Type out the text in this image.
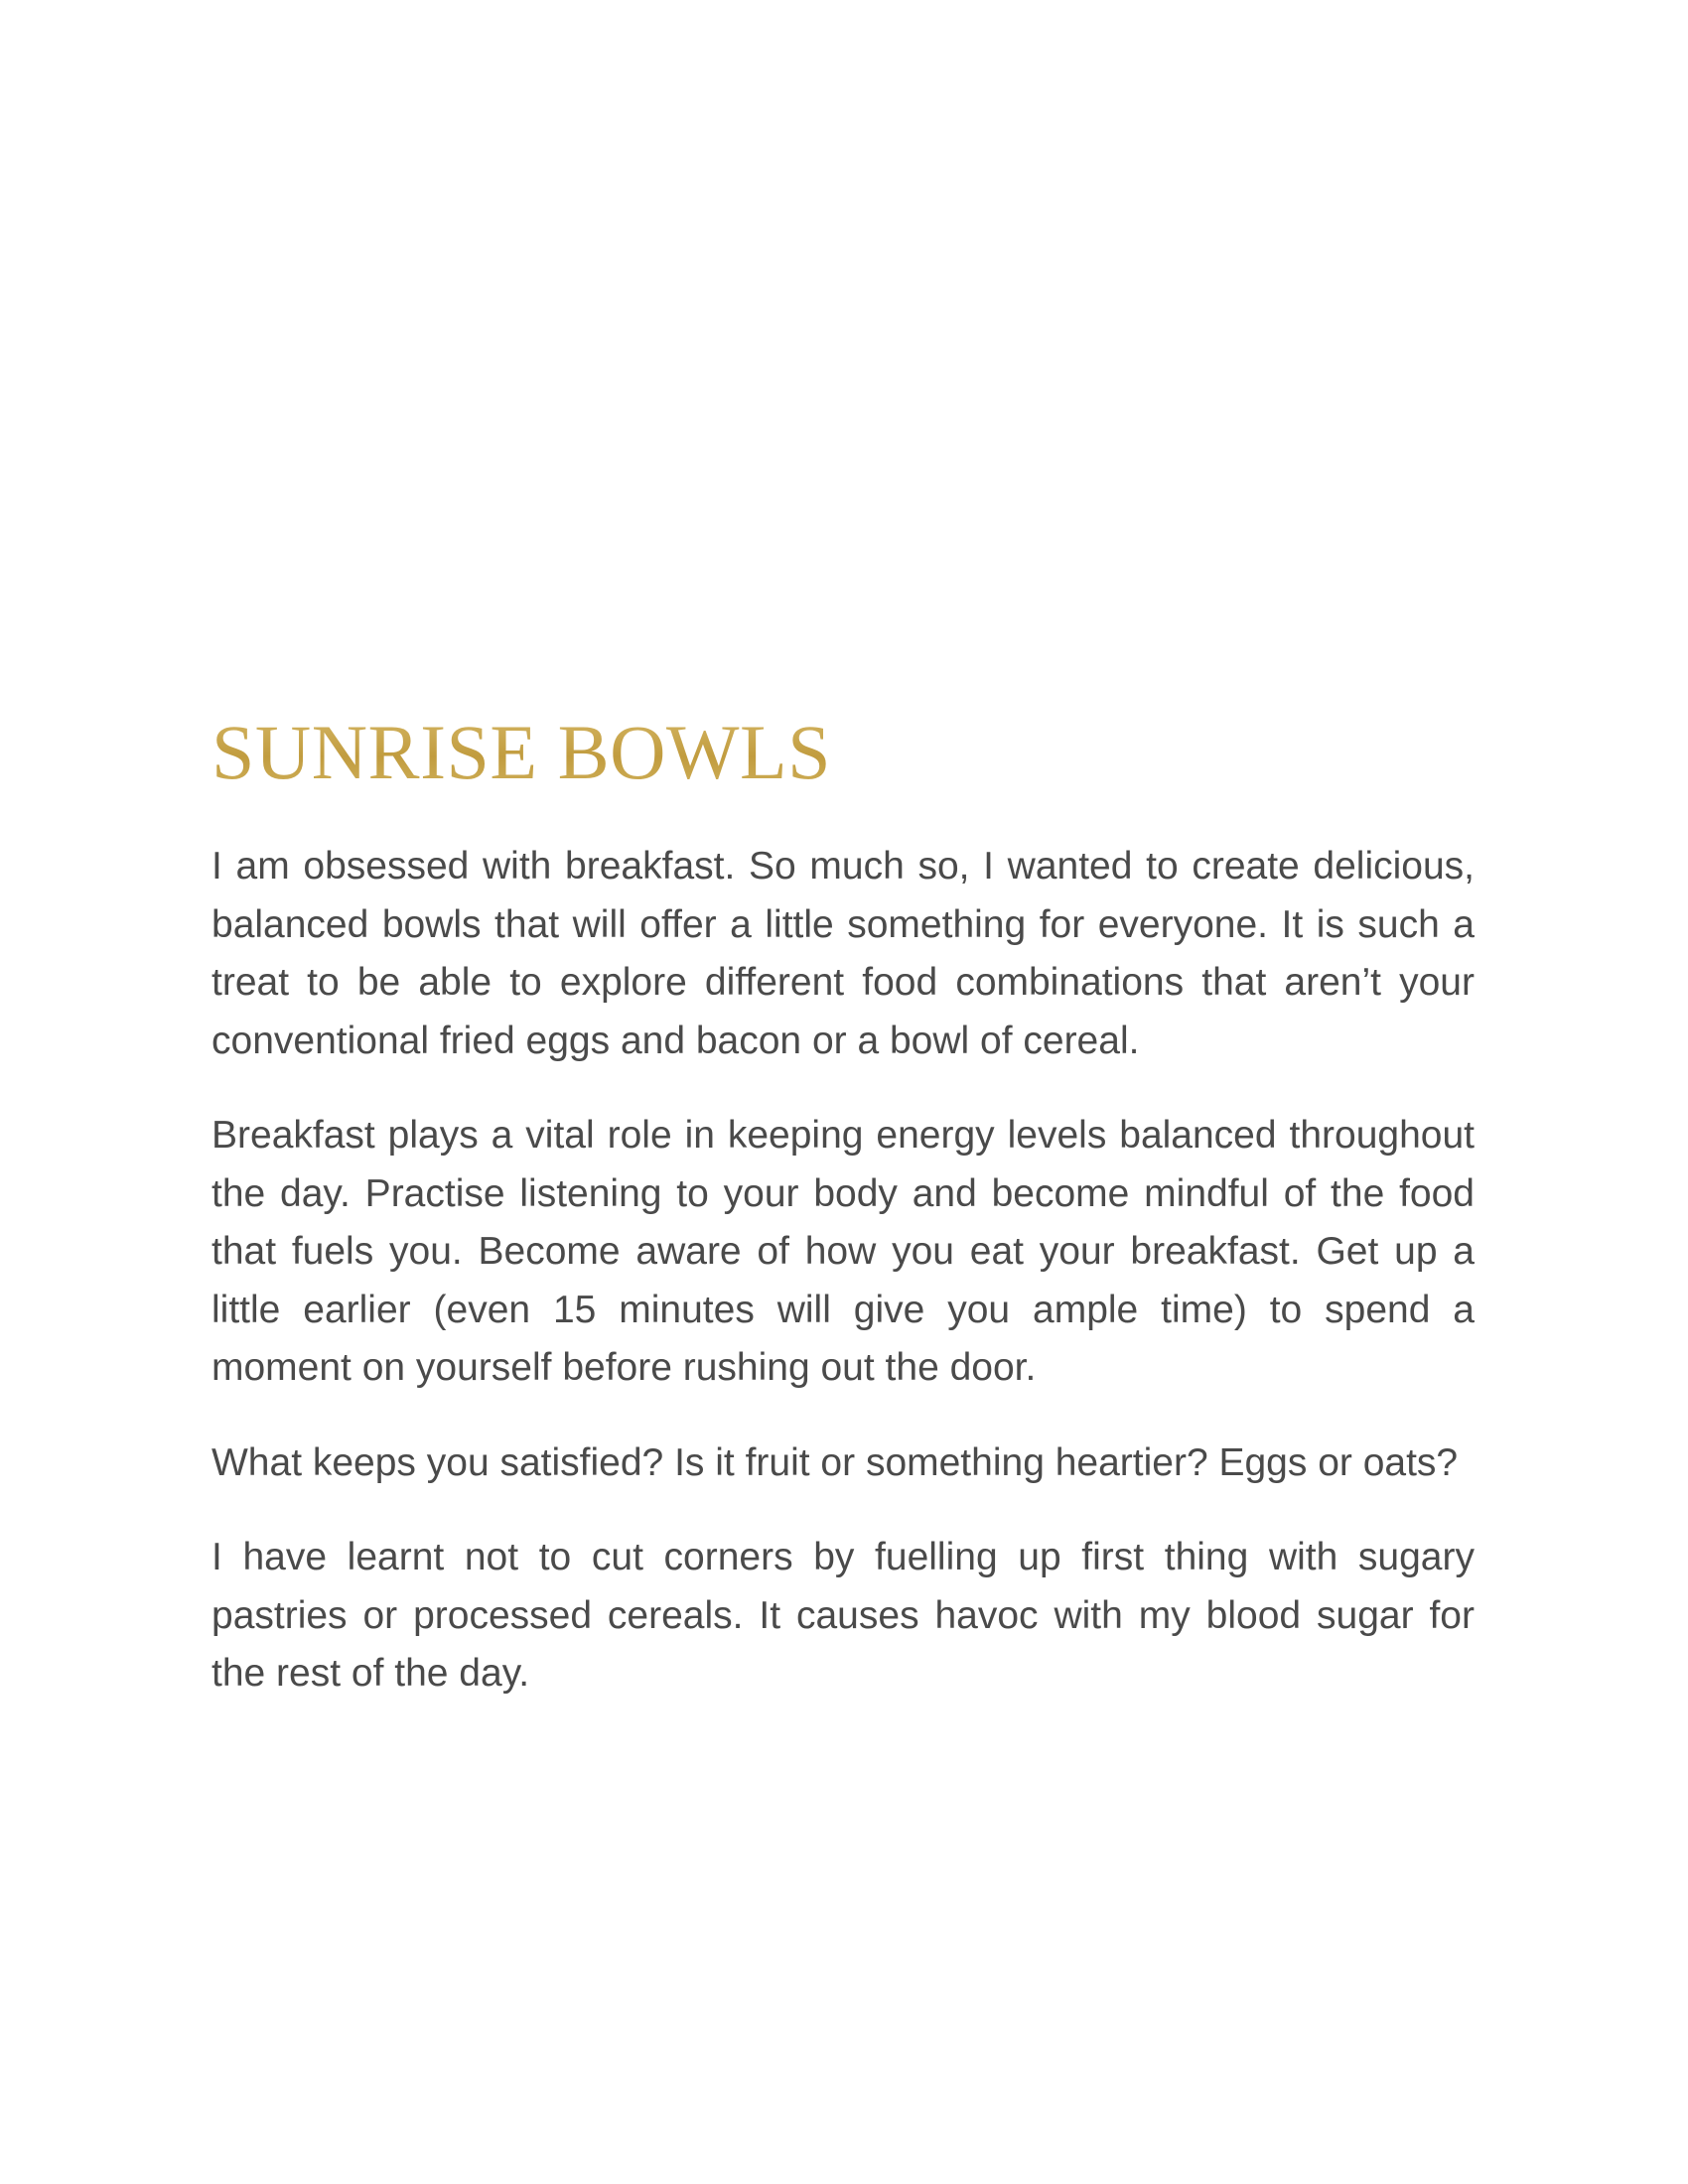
SUNRISE BOWLS

I am obsessed with breakfast. So much so, I wanted to create delicious, balanced bowls that will offer a little something for everyone. It is such a treat to be able to explore different food combinations that aren’t your conventional fried eggs and bacon or a bowl of cereal.

Breakfast plays a vital role in keeping energy levels balanced throughout the day. Practise listening to your body and become mindful of the food that fuels you. Become aware of how you eat your breakfast. Get up a little earlier (even 15 minutes will give you ample time) to spend a moment on yourself before rushing out the door.

What keeps you satisfied? Is it fruit or something heartier? Eggs or oats?

I have learnt not to cut corners by fuelling up first thing with sugary pastries or processed cereals. It causes havoc with my blood sugar for the rest of the day.
